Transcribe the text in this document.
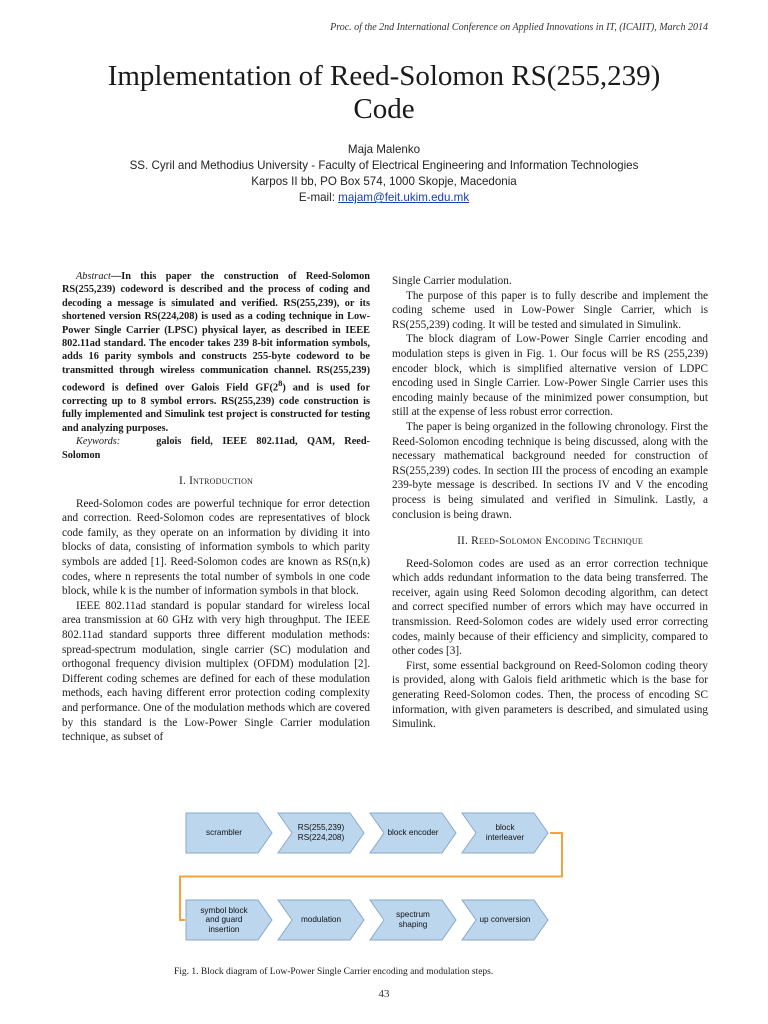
Proc. of the 2nd International Conference on Applied Innovations in IT, (ICAIIT), March 2014
Implementation of Reed-Solomon RS(255,239)
Code
Maja Malenko
SS. Cyril and Methodius University - Faculty of Electrical Engineering and Information Technologies
Karpos II bb, PO Box 574, 1000 Skopje, Macedonia
E-mail: majam@feit.ukim.edu.mk

Abstract—In this paper the construction of Reed-Solomon RS(255,239) codeword is described and the process of coding and decoding a message is simulated and verified. RS(255,239), or its shortened version RS(224,208) is used as a coding technique in Low-Power Single Carrier (LPSC) physical layer, as described in IEEE 802.11ad standard. The encoder takes 239 8-bit information symbols, adds 16 parity symbols and constructs 255-byte codeword to be transmitted through wireless communication channel. RS(255,239) codeword is defined over Galois Field $GF(2^8)$ and is used for correcting up to 8 symbol errors. RS(255,239) code construction is fully implemented and Simulink test project is constructed for testing and analyzing purposes.

Keywords:	galois field, IEEE 802.11ad, QAM, Reed-Solomon

I. Introduction

Reed-Solomon codes are powerful technique for error detection and correction. Reed-Solomon codes are representatives of block code family, as they operate on an information by dividing it into blocks of data, consisting of information symbols to which parity symbols are added [1]. Reed-Solomon codes are known as RS(n,k) codes, where n represents the total number of symbols in one code block, while k is the number of information symbols in that block.

IEEE 802.11ad standard is popular standard for wireless local area transmission at 60 GHz with very high throughput. The IEEE 802.11ad standard supports three different modulation methods: spread-spectrum modulation, single carrier (SC) modulation and orthogonal frequency division multiplex (OFDM) modulation [2]. Different coding schemes are defined for each of these modulation methods, each having different error protection coding complexity and performance. One of the modulation methods which are covered by this standard is the Low-Power Single Carrier modulation technique, as subset of

Single Carrier modulation.

The purpose of this paper is to fully describe and implement the coding scheme used in Low-Power Single Carrier, which is RS(255,239) coding. It will be tested and simulated in Simulink.

The block diagram of Low-Power Single Carrier encoding and modulation steps is given in Fig. 1. Our focus will be RS (255,239) encoder block, which is simplified alternative version of LDPC encoding used in Single Carrier. Low-Power Single Carrier uses this encoding mainly because of the minimized power consumption, but still at the expense of less robust error correction.

The paper is being organized in the following chronology. First the Reed-Solomon encoding technique is being discussed, along with the necessary mathematical background needed for construction of RS(255,239) codes. In section III the process of encoding an example 239-byte message is described. In sections IV and V the encoding process is being simulated and verified in Simulink. Lastly, a conclusion is being drawn.

II. Reed-Solomon Encoding Technique

Reed-Solomon codes are used as an error correction technique which adds redundant information to the data being transferred. The receiver, again using Reed Solomon decoding algorithm, can detect and correct specified number of errors which may have occurred in transmission. Reed-Solomon codes are widely used error correcting codes, mainly because of their efficiency and simplicity, compared to other codes [3].

First, some essential background on Reed-Solomon coding theory is provided, along with Galois field arithmetic which is the base for generating Reed-Solomon codes. Then, the process of encoding SC information, with given parameters is described, and simulated using Simulink.

scrambler
RS(255,239)
RS(224,208)
block encoder
block
interleaver
symbol block
and guard
insertion
modulation
spectrum
shaping
up conversion
Fig. 1. Block diagram of Low-Power Single Carrier encoding and modulation steps.
43
